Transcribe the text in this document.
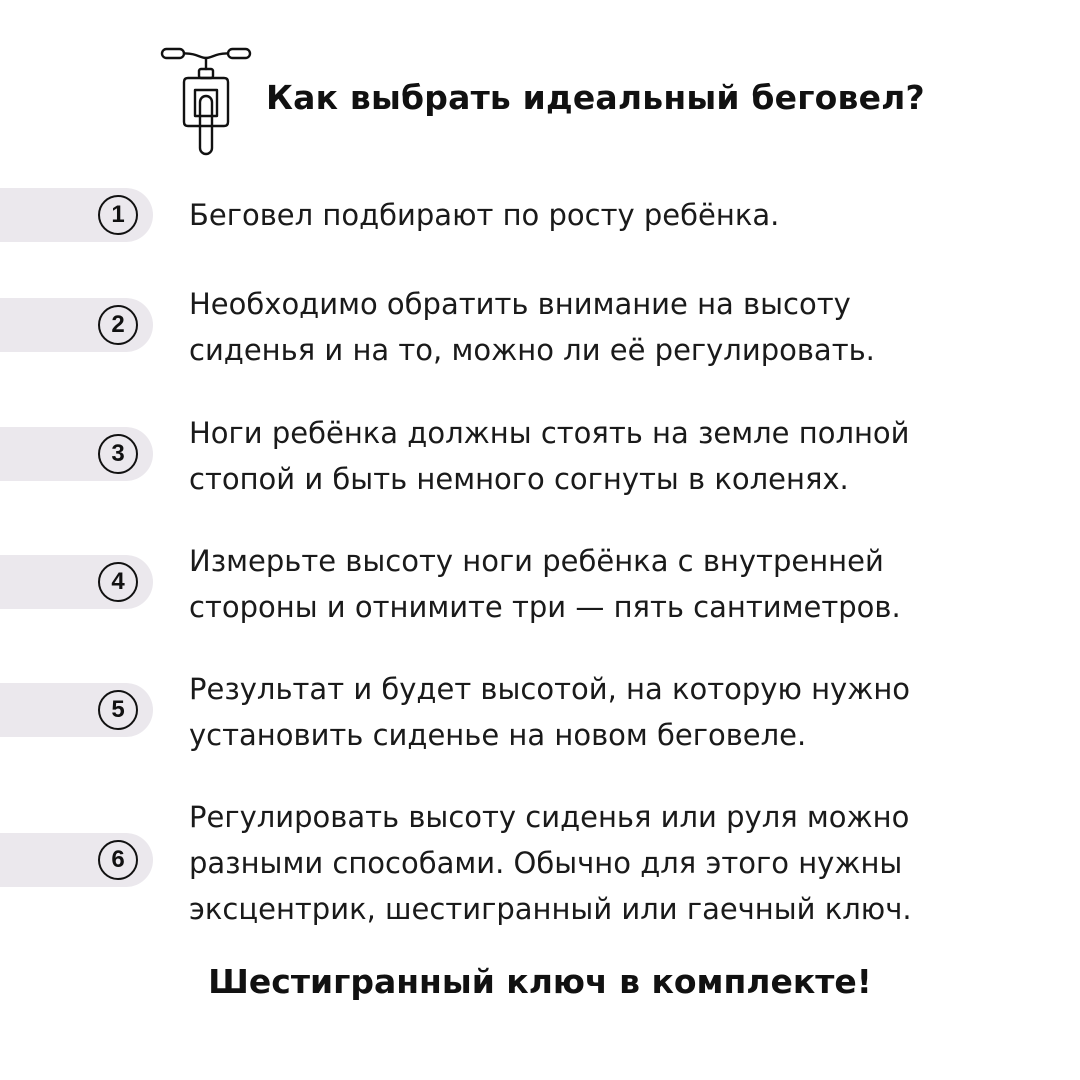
Как выбрать идеальный беговел?
1	Беговел подбирают по росту ребёнка.
2
Необходимо обратить внимание на высоту
сиденья и на то, можно ли её регулировать.
3
Ноги ребёнка должны стоять на земле полной
стопой и быть немного согнуты в коленях.
4
Измерьте высоту ноги ребёнка с внутренней
стороны и отнимите три — пять сантиметров.
5
Результат и будет высотой, на которую нужно
установить сиденье на новом беговеле.
6
Регулировать высоту сиденья или руля можно
разными способами. Обычно для этого нужны
эксцентрик, шестигранный или гаечный ключ.
Шестигранный ключ в комплекте!
